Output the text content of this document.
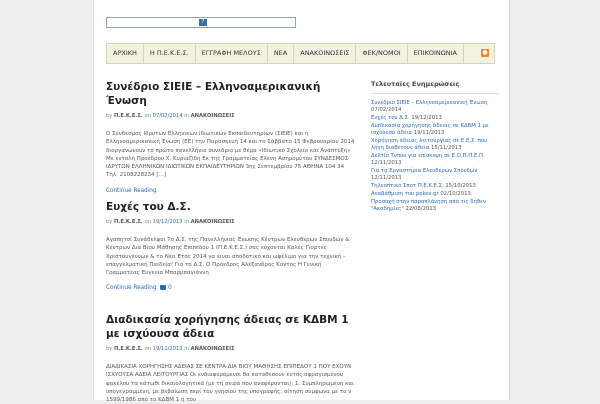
?
ΑΡΧΙΚΗ	Η Π.Ε.Κ.Ε.Σ.	ΕΓΓΡΑΦΗ ΜΕΛΟΥΣ	ΝΕΑ	ΑΝΑΚΟΙΝΩΣΕΙΣ	ΦΕΚ/ΝΟΜΟΙ	ΕΠΙΚΟΙΝΩΝΙΑ	●
Συνέδριο ΣΙΕΙΕ – Ελληνοαμερικανική Ένωση
by Π.Ε.Κ.Ε.Σ. on 07/02/2014 in ΑΝΑΚΟΙΝΩΣΕΙΣ
Ο Σύνδεσμος Ιδρυτών Ελληνικών Ιδιωτικών Εκπαιδευτηρίων (ΣΙΕΙΕ) και η Ελληνοαμερικανική Ένωση (ΕΕ) την Παρασκευή 14 και το Σάββατο 15 Φεβρουαρίου 2014 διοργανώνουν το πρώτο πανελλήνιο συνέδριο με θέμα «Ιδιωτικό Σχολείο και Ανάπτυξη» Με εντολή Προέδρου Χ. Κυριαζίδη Εκ της Γραμματείας Ελένη Ασημομύτου ΣΥΝΔΕΣΜΟΣ ΙΔΡΥΤΩΝ ΕΛΛΗΝΙΚΩΝ ΙΔΙΩΤΙΚΩΝ ΕΚΠΑΙΔΕΥΤΗΡΙΩΝ 3ης Σεπτεμβρίου 75 ΑΘΗΝΑ 104 34 Τηλ. 2108228234 […]
Continue Reading
Ευχές του Δ.Σ.
by Π.Ε.Κ.Ε.Σ. on 19/12/2013 in ΑΝΑΚΟΙΝΩΣΕΙΣ
Αγαπητοί Συνάδελφοι Το Δ.Σ. της Πανελλήνιας Ένωσης Κέντρων Ελευθέρων Σπουδών & Κέντρων Δια Βίου Μάθησης Επιπέδου 1 (Π.Ε.Κ.Ε.Σ.) σας εύχονται Καλές Γιορτές Χριστουγέννων & το Νέο Έτος 2014 να είναι αποδοτικό και ωφέλιμο για την τεχνική – επαγγελματική Παιδεία! Για το Δ.Σ. Ο Πρόεδρος Αλέξανδρος Κόντος Η Γενική Γραμματέας Ευγενία Μπαρμπαγιάννη
Continue Reading 0
Διαδικασία χορήγησης άδειας σε ΚΔΒΜ 1 με ισχύουσα άδεια
by Π.Ε.Κ.Ε.Σ. on 19/11/2013 in ΑΝΑΚΟΙΝΩΣΕΙΣ
ΔΙΑΔΙΚΑΣΙΑ ΧΟΡΗΓΗΣΗΣ ΑΔΕΙΑΣ ΣΕ ΚΕΝΤΡΑ ΔΙΑ ΒΙΟΥ ΜΑΘΗΣΗΣ ΕΠΙΠΕΔΟΥ 1 ΠΟΥ ΕΧΟΥΝ ΙΣΧΥΟΥΣΑ ΑΔΕΙΑ ΛΕΙΤΟΥΡΓΙΑΣ Οι ενδιαφερόμενοι θα καταθέσουν εντός σφραγισμένου φακέλου τα κάτωθι δικαιολογητικά (με τη σειρά που αναφέρονται): 1. Συμπληρωμένη και υπογεγραμμένη, με βεβαίωση περί του γνησίου της υπογραφής, αίτηση σύμφωνα με το ν 1599/1986 από το ΚΔΒΜ 1 ή τον
Τελευταίες Ενημερώσεις
Συνέδριο ΣΙΕΙΕ – Ελληνοαμερικανική Ένωση 07/02/2014
Ευχές του Δ.Σ. 19/12/2013
Διαδικασία χορήγησης άδειας σε ΚΔΒΜ 1 με ισχύουσα άδεια 19/11/2013
Χορήγηση άδειας λειτουργίας σε Ε.Ε.Σ. που λήγη διαθέτουν άδεια 15/11/2013
Δελτίο Τύπου για επίσκεψη σε Ε.Ο.Π.Π.Ε.Π. 12/11/2013
Για τα Εργαστήρια Ελευθέρων Σπουδών 12/11/2013
Τηλεοπτικό Σποτ Π.Ε.Κ.Ε.Σ. 15/10/2013
Αναβάθμιση του pekes.gr 02/10/2013
Προσοχή στην παραπλάνηση από τις δήθεν "Ακαδημίες" 22/08/2013
